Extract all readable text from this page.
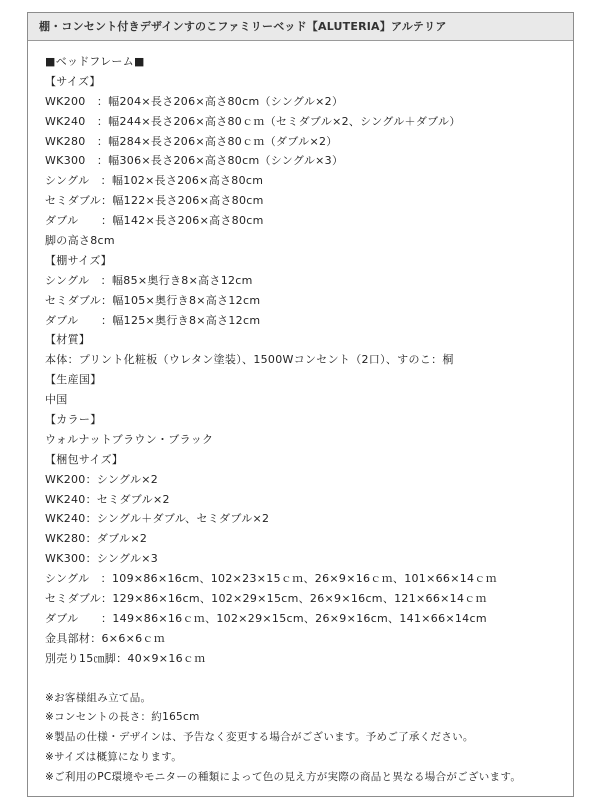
棚・コンセント付きデザインすのこファミリーベッド【ALUTERIA】アルテリア
■ベッドフレーム■
【サイズ】
WK200　：幅204×長さ206×高さ80cm（シングル×2）
WK240　：幅244×長さ206×高さ80ｃｍ（セミダブル×2、シングル＋ダブル）
WK280　：幅284×長さ206×高さ80ｃｍ（ダブル×2）
WK300　：幅306×長さ206×高さ80cm（シングル×3）
シングル　：幅102×長さ206×高さ80cm
セミダブル：幅122×長さ206×高さ80cm
ダブル　　：幅142×長さ206×高さ80cm
脚の高さ8cm
【棚サイズ】
シングル　：幅85×奥行き8×高さ12cm
セミダブル：幅105×奥行き8×高さ12cm
ダブル　　：幅125×奥行き8×高さ12cm
【材質】
本体：プリント化粧板（ウレタン塗装）、1500Wコンセント（2口）、すのこ：桐
【生産国】
中国
【カラー】
ウォルナットブラウン・ブラック
【梱包サイズ】
WK200：シングル×2
WK240：セミダブル×2
WK240：シングル＋ダブル、セミダブル×2
WK280：ダブル×2
WK300：シングル×3
シングル　：109×86×16cm、102×23×15ｃｍ、26×9×16ｃｍ、101×66×14ｃｍ
セミダブル：129×86×16cm、102×29×15cm、26×9×16cm、121×66×14ｃｍ
ダブル　　：149×86×16ｃｍ、102×29×15cm、26×9×16cm、141×66×14cm
金具部材：6×6×6ｃｍ
別売り15㎝脚：40×9×16ｃｍ
※お客様組み立て品。
※コンセントの長さ：約165cm
※製品の仕様・デザインは、予告なく変更する場合がございます。予めご了承ください。
※サイズは概算になります。
※ご利用のPC環境やモニターの種類によって色の見え方が実際の商品と異なる場合がございます。
